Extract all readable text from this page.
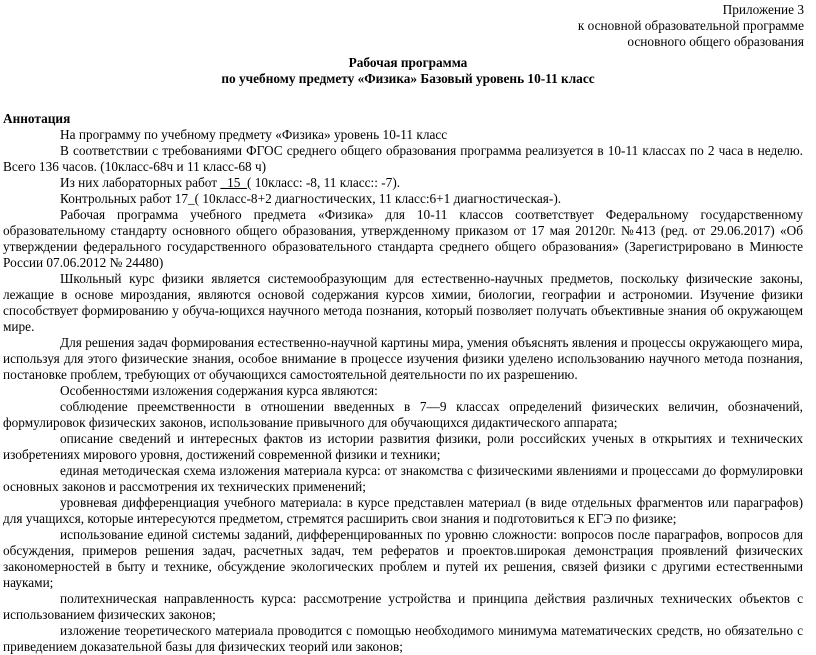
Приложение 3
к основной образовательной программе
основного общего образования
Рабочая программа
по учебному предмету «Физика» Базовый уровень 10-11 класс
Аннотация

На программу по учебному предмету «Физика» уровень 10-11 класс

В соответствии с требованиями ФГОС среднего общего образования программа реализуется в 10-11 классах по 2 часа в неделю. Всего 136 часов. (10класс-68ч и 11 класс-68 ч)

Из них лабораторных работ _15_( 10класс: -8, 11 класс:: -7).

Контрольных работ 17_( 10класс-8+2 диагностических, 11 класс:6+1 диагностическая-).

Рабочая программа учебного предмета «Физика» для 10-11 классов соответствует Федеральному государственному образовательному стандарту основного общего образования, утвержденному приказом от 17 мая 20120г. №413 (ред. от 29.06.2017) «Об утверждении федерального государственного образовательного стандарта среднего общего образования» (Зарегистрировано в Минюсте России 07.06.2012 № 24480)

Школьный курс физики является системообразующим для естественно-научных предметов, поскольку физические законы, лежащие в основе мироздания, являются основой содержания курсов химии, биологии, географии и астрономии. Изучение физики способствует формированию у обуча-ющихся научного метода познания, который позволяет получать объективные знания об окружающем мире.

Для решения задач формирования естественно-научной картины мира, умения объяснять явления и процессы окружающего мира, используя для этого физические знания, особое внимание в процессе изучения физики уделено использованию научного метода познания, постановке проблем, требующих от обучающихся самостоятельной деятельности по их разрешению.

Особенностями изложения содержания курса являются:

соблюдение преемственности в отношении введенных в 7—9 классах определений физических величин, обозначений, формулировок физических законов, использование привычного для обучающихся дидактического аппарата;

описание сведений и интересных фактов из истории развития физики, роли российских ученых в открытиях и технических изобретениях мирового уровня, достижений современной физики и техники;

единая методическая схема изложения материала курса: от знакомства с физическими явлениями и процессами до формулировки основных законов и рассмотрения их технических применений;

уровневая дифференциация учебного материала: в курсе представлен материал (в виде отдельных фрагментов или параграфов) для учащихся, которые интересуются предметом, стремятся расширить свои знания и подготовиться к ЕГЭ по физике;

использование единой системы заданий, дифференцированных по уровню сложности: вопросов после параграфов, вопросов для обсуждения, примеров решения задач, расчетных задач, тем рефератов и проектов.широкая демонстрация проявлений физических закономерностей в быту и технике, обсуждение экологических проблем и путей их решения, связей физики с другими естественными науками;

политехническая направленность курса: рассмотрение устройства и принципа действия различных технических объектов с использованием физических законов;

изложение теоретического материала проводится с помощью необходимого минимума математических средств, но обязательно с приведением доказательной базы для физических теорий или законов;
